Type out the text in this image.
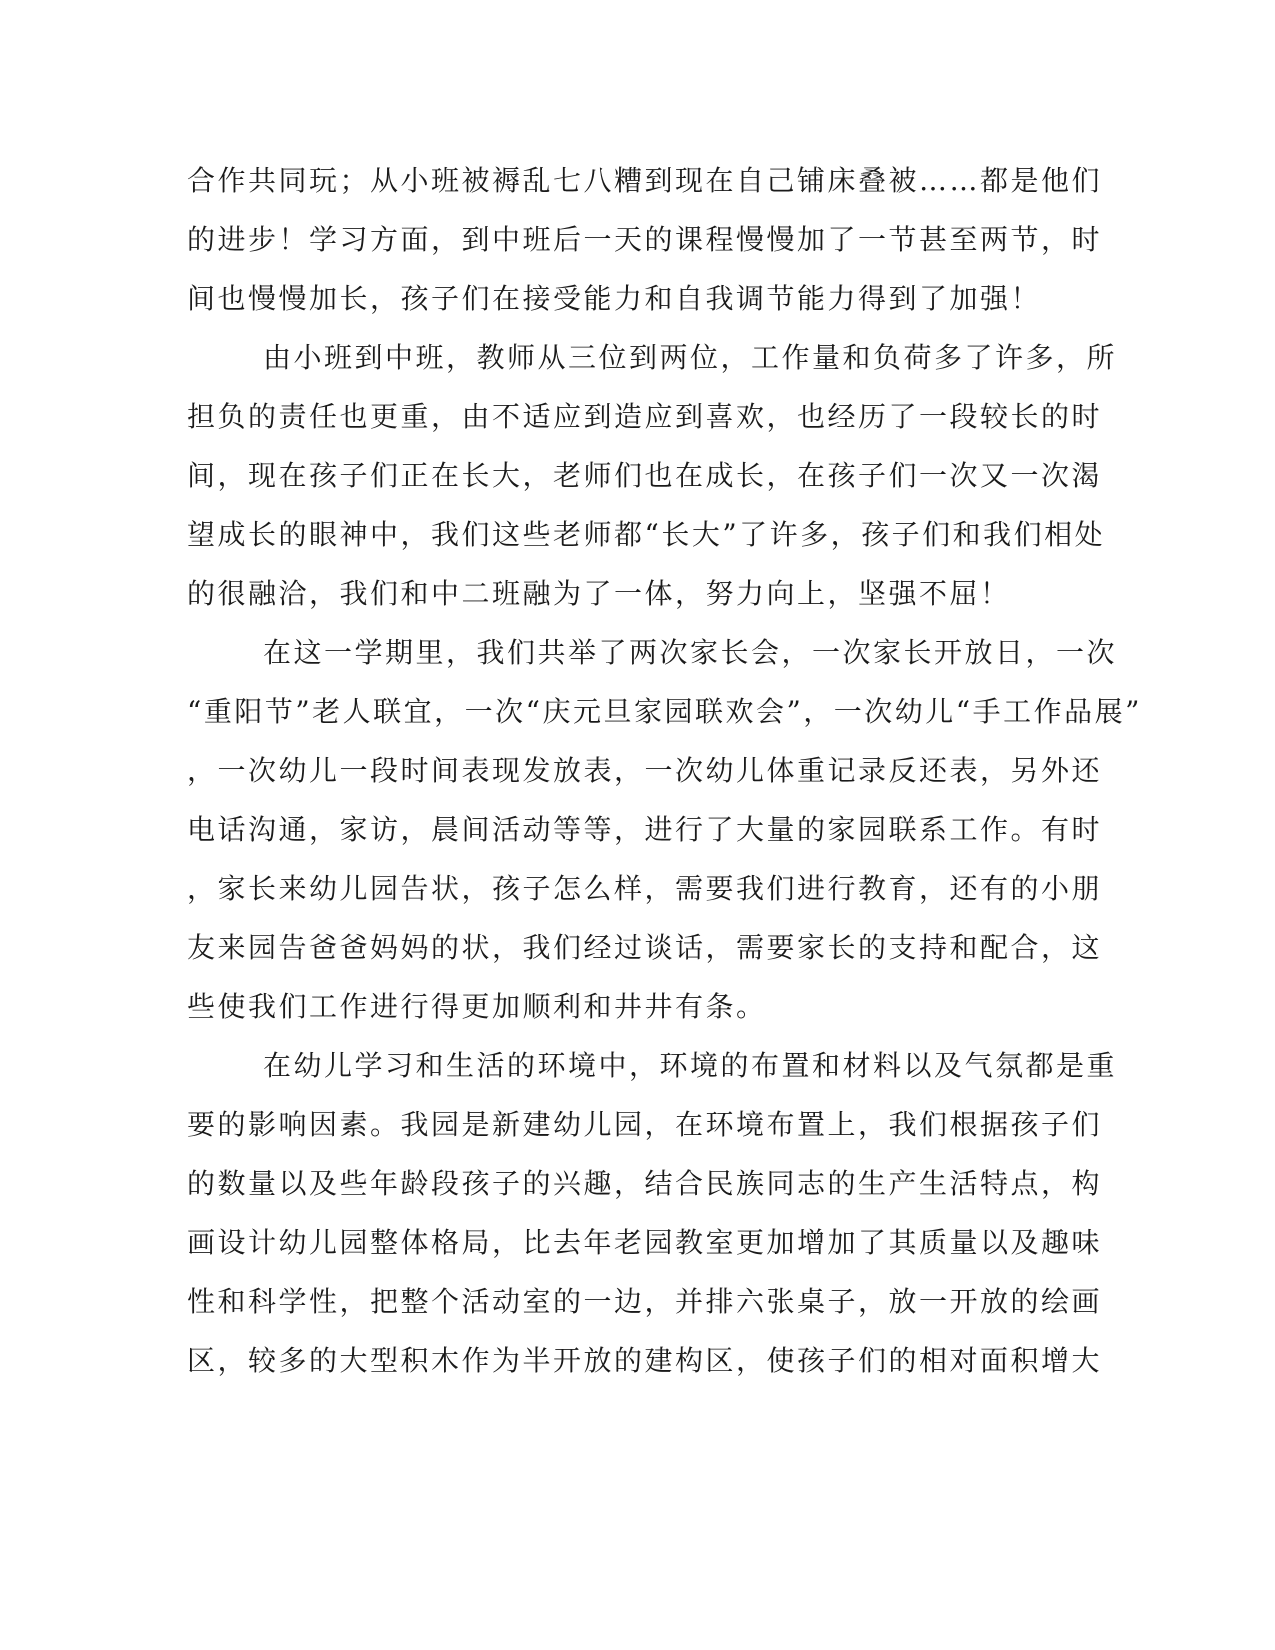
合作共同玩；从小班被褥乱七八糟到现在自己铺床叠被……都是他们
的进步！学习方面，到中班后一天的课程慢慢加了一节甚至两节，时
间也慢慢加长，孩子们在接受能力和自我调节能力得到了加强！
由小班到中班，教师从三位到两位，工作量和负荷多了许多，所
担负的责任也更重，由不适应到造应到喜欢，也经历了一段较长的时
间，现在孩子们正在长大，老师们也在成长，在孩子们一次又一次渴
望成长的眼神中，我们这些老师都“长大”了许多，孩子们和我们相处
的很融洽，我们和中二班融为了一体，努力向上，坚强不屈！
在这一学期里，我们共举了两次家长会，一次家长开放日，一次
“重阳节”老人联宜，一次“庆元旦家园联欢会”，一次幼儿“手工作品展”
，一次幼儿一段时间表现发放表，一次幼儿体重记录反还表，另外还
电话沟通，家访，晨间活动等等，进行了大量的家园联系工作。有时
，家长来幼儿园告状，孩子怎么样，需要我们进行教育，还有的小朋
友来园告爸爸妈妈的状，我们经过谈话，需要家长的支持和配合，这
些使我们工作进行得更加顺利和井井有条。
在幼儿学习和生活的环境中，环境的布置和材料以及气氛都是重
要的影响因素。我园是新建幼儿园，在环境布置上，我们根据孩子们
的数量以及些年龄段孩子的兴趣，结合民族同志的生产生活特点，构
画设计幼儿园整体格局，比去年老园教室更加增加了其质量以及趣味
性和科学性，把整个活动室的一边，并排六张桌子，放一开放的绘画
区，较多的大型积木作为半开放的建构区，使孩子们的相对面积增大
